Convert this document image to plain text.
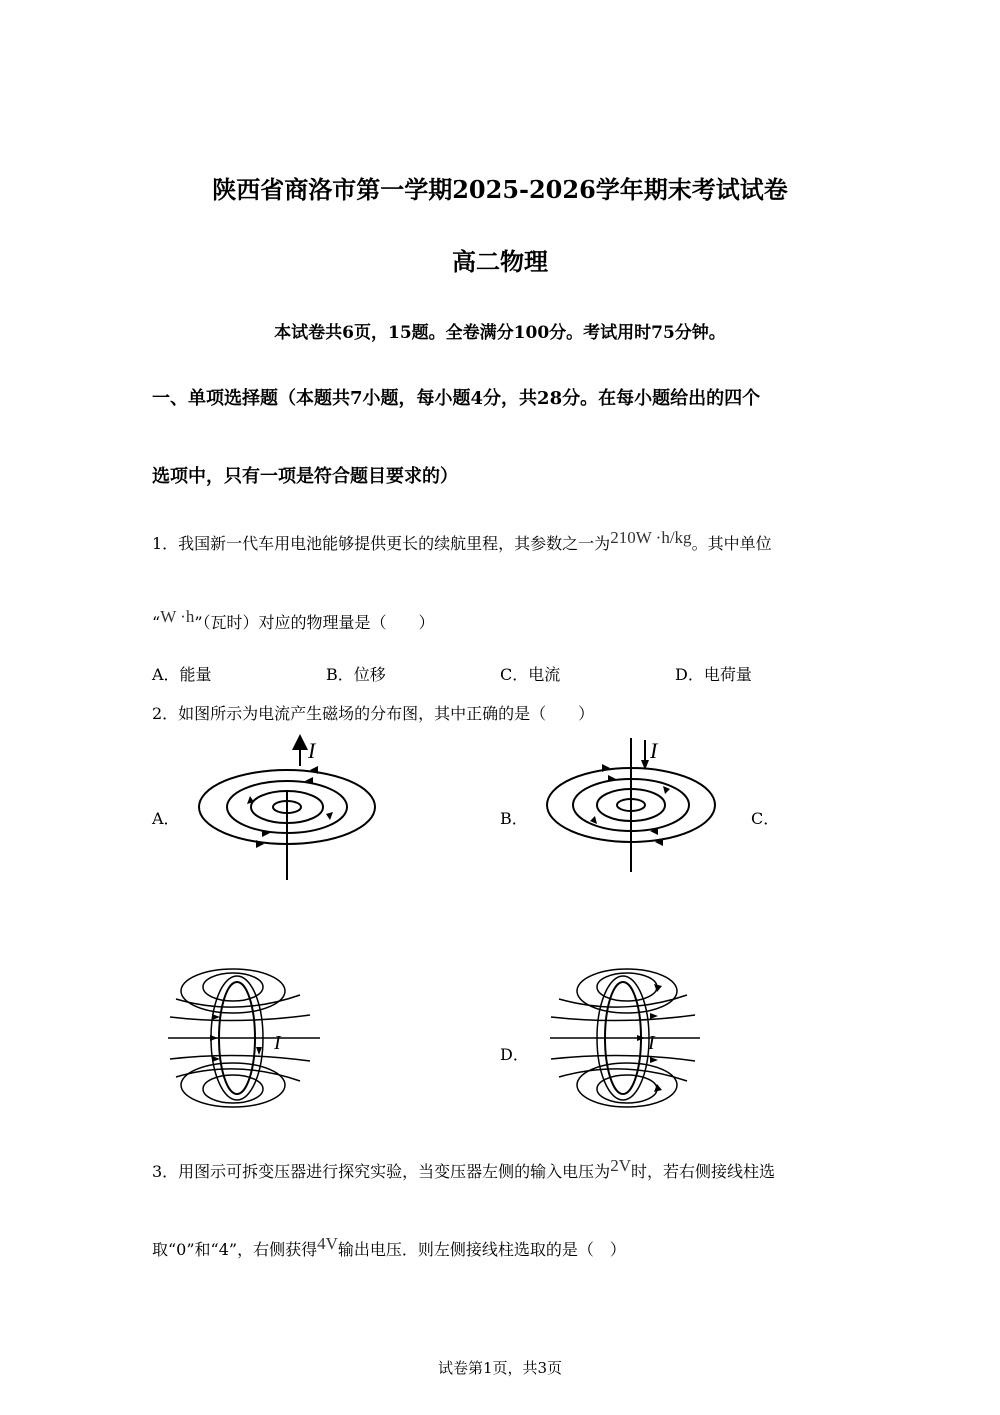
陕西省商洛市第一学期2025-2026学年期末考试试卷
高二物理
本试卷共6页，15题。全卷满分100分。考试用时75分钟。
一、单项选择题（本题共7小题，每小题4分，共28分。在每小题给出的四个
选项中，只有一项是符合题目要求的）
1．我国新一代车用电池能够提供更长的续航里程，其参数之一为210W ·h/kg。其中单位
“W ·h”（瓦时）对应的物理量是（　　）
A．能量	B．位移	C．电流	D．电荷量
2．如图所示为电流产生磁场的分布图，其中正确的是（　　）
A．	B．	C．
D．
I	I
I	I
3．用图示可拆变压器进行探究实验，当变压器左侧的输入电压为2V时，若右侧接线柱选
取“0”和“4”，右侧获得4V输出电压．则左侧接线柱选取的是（　）
试卷第1页，共3页
